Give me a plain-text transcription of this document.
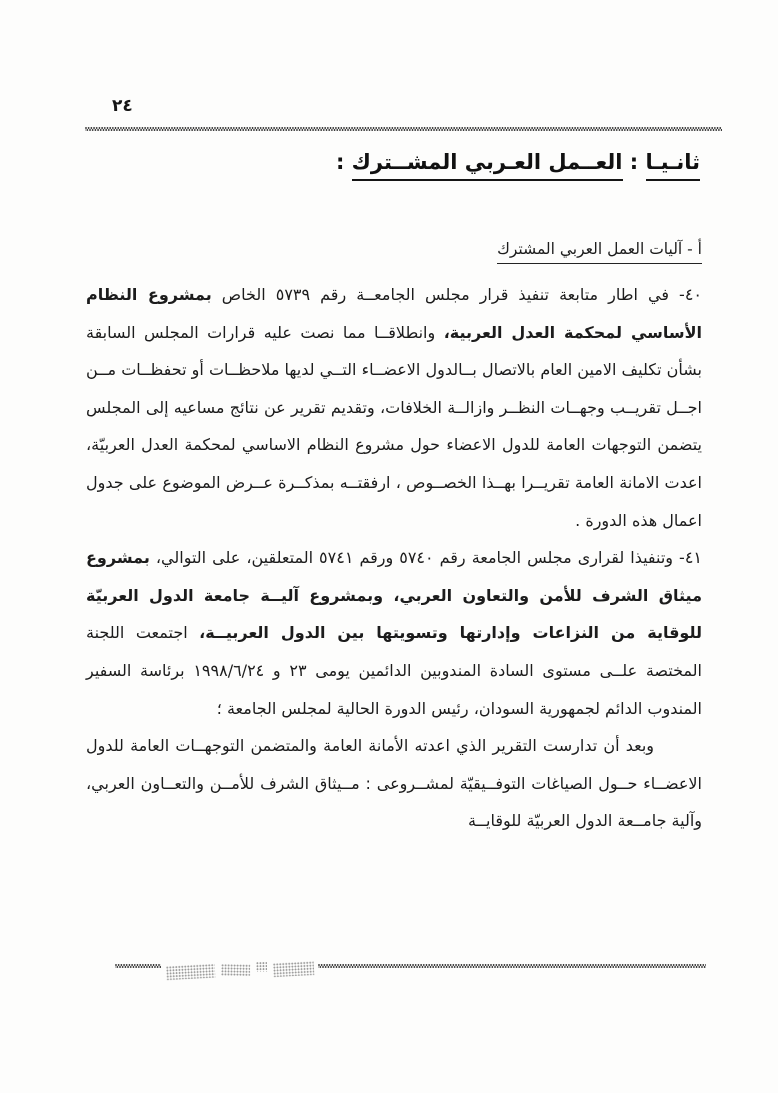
٢٤
ثانـيـا : العــمل العـربي المشــترك :
أ - آليات العمل العربي المشترك

٤٠- في اطار متابعة تنفيذ قرار مجلس الجامعــة رقم ٥٧٣٩ الخاص بمشروع النظام الأساسي لمحكمة العدل العربية، وانطلاقــا مما نصت عليه قرارات المجلس السابقة بشأن تكليف الامين العام بالاتصال بــالدول الاعضــاء التــي لديها ملاحظــات أو تحفظــات مــن اجــل تقريــب وجهــات النظــر وازالــة الخلافات، وتقديم تقرير عن نتائج مساعيه إلى المجلس يتضمن التوجهات العامة للدول الاعضاء حول مشروع النظام الاساسي لمحكمة العدل العربيّة، اعدت الامانة العامة تقريــرا بهــذا الخصــوص ، ارفقتــه بمذكــرة عــرض الموضوع على جدول اعمال هذه الدورة .

٤١- وتنفيذا لقرارى مجلس الجامعة رقم ٥٧٤٠ ورقم ٥٧٤١ المتعلقين، على التوالي، بمشروع ميثاق الشرف للأمن والتعاون العربي، وبمشروع آليــة جامعة الدول العربيّة للوقاية من النزاعات وإدارتها وتسويتها بين الدول العربيــة، اجتمعت اللجنة المختصة علــى مستوى السادة المندوبين الدائمين يومى ٢٣ و ١٩٩٨/٦/٢٤ برئاسة السفير المندوب الدائم لجمهورية السودان، رئيس الدورة الحالية لمجلس الجامعة ؛

وبعد أن تدارست التقرير الذي اعدته الأمانة العامة والمتضمن التوجهــات العامة للدول الاعضــاء حــول الصياغات التوفــيقيّة لمشــروعى : مــيثاق الشرف للأمــن والتعــاون العربي، وآلية جامــعة الدول العربيّة للوقايــة
